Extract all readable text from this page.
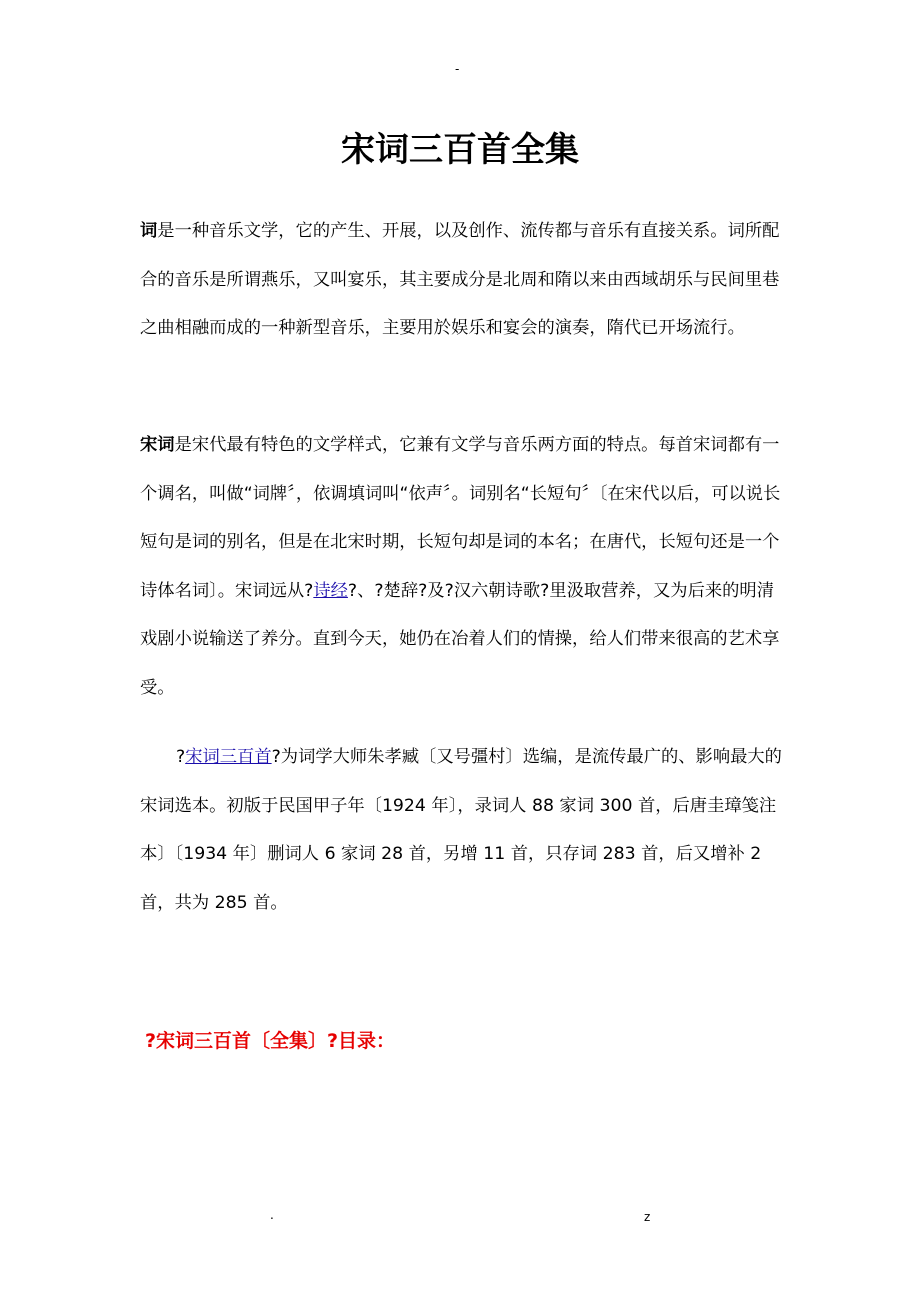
-
宋词三百首全集

词是一种音乐文学，它的产生、开展，以及创作、流传都与音乐有直接关系。词所配合的音乐是所谓燕乐，又叫宴乐，其主要成分是北周和隋以来由西域胡乐与民间里巷之曲相融而成的一种新型音乐，主要用於娱乐和宴会的演奏，隋代已开场流行。

宋词是宋代最有特色的文学样式，它兼有文学与音乐两方面的特点。每首宋词都有一个调名，叫做“词牌〞，依调填词叫“依声〞。词别名“长短句〞〔在宋代以后，可以说长短句是词的别名，但是在北宋时期，长短句却是词的本名；在唐代，长短句还是一个诗体名词〕。宋词远从?诗经?、?楚辞?及?汉六朝诗歌?里汲取营养，又为后来的明清戏剧小说输送了养分。直到今天，她仍在冶着人们的情操，给人们带来很高的艺术享受。

?宋词三百首?为词学大师朱孝臧〔又号彊村〕选编，是流传最广的、影响最大的宋词选本。初版于民国甲子年〔1924 年〕，录词人 88 家词 300 首，后唐圭璋笺注本〕〔1934 年〕删词人 6 家词 28 首，另增 11 首，只存词 283 首，后又增补 2 首，共为 285 首。

?宋词三百首〔全集〕?目录：
.	z
